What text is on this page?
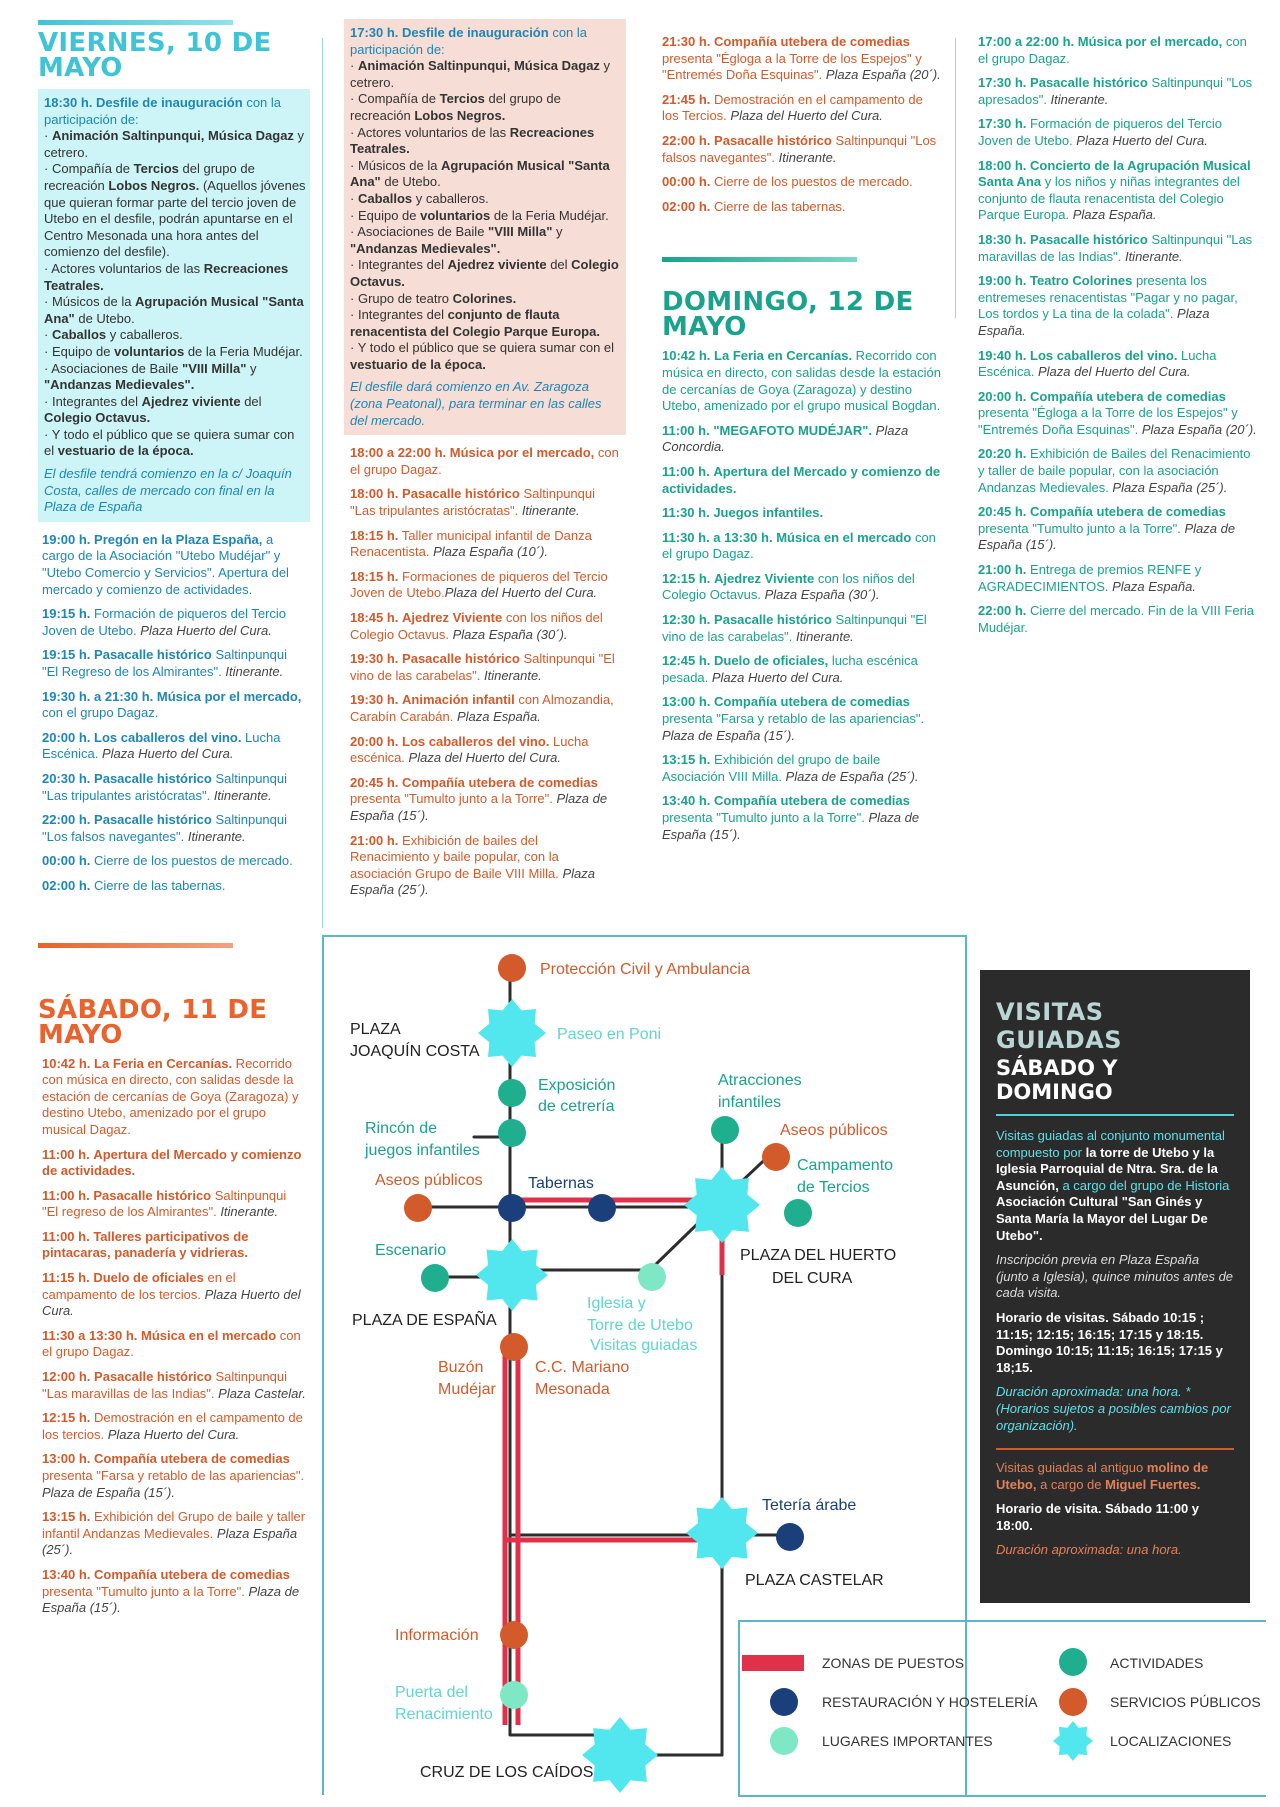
VIERNES, 10 DE
MAYO

18:30 h. Desfile de inauguración con la participación de:

· Animación Saltinpunqui, Música Dagaz y cetrero.

· Compañía de Tercios del grupo de recreación Lobos Negros. (Aquellos jóvenes que quieran formar parte del tercio joven de Utebo en el desfile, podrán apuntarse en el Centro Mesonada una hora antes del comienzo del desfile).

· Actores voluntarios de las Recreaciones Teatrales.

· Músicos de la Agrupación Musical "Santa Ana" de Utebo.

· Caballos y caballeros.

· Equipo de voluntarios de la Feria Mudéjar.

· Asociaciones de Baile "VIII Milla" y "Andanzas Medievales".

· Integrantes del Ajedrez viviente del Colegio Octavus.

· Y todo el público que se quiera sumar con el vestuario de la época.

El desfile tendrá comienzo en la c/ Joaquín Costa, calles de mercado con final en la Plaza de España

19:00 h. Pregón en la Plaza España, a cargo de la Asociación "Utebo Mudéjar" y "Utebo Comercio y Servicios". Apertura del mercado y comienzo de actividades.

19:15 h. Formación de piqueros del Tercio Joven de Utebo. Plaza Huerto del Cura.

19:15 h. Pasacalle histórico Saltinpunqui "El Regreso de los Almirantes". Itinerante.

19:30 h. a 21:30 h. Música por el mercado, con el grupo Dagaz.

20:00 h. Los caballeros del vino. Lucha Escénica. Plaza Huerto del Cura.

20:30 h. Pasacalle histórico Saltinpunqui "Las tripulantes aristócratas". Itinerante.

22:00 h. Pasacalle histórico Saltinpunqui "Los falsos navegantes". Itinerante.

00:00 h. Cierre de los puestos de mercado.

02:00 h. Cierre de las tabernas.

SÁBADO, 11 DE
MAYO

10:42 h. La Feria en Cercanías. Recorrido con música en directo, con salidas desde la estación de cercanías de Goya (Zaragoza) y destino Utebo, amenizado por el grupo musical Dagaz.

11:00 h. Apertura del Mercado y comienzo de actividades.

11:00 h. Pasacalle histórico Saltinpunqui "El regreso de los Almirantes". Itinerante.

11:00 h. Talleres participativos de pintacaras, panadería y vidrieras.

11:15 h. Duelo de oficiales en el campamento de los tercios. Plaza Huerto del Cura.

11:30 a 13:30 h. Música en el mercado con el grupo Dagaz.

12:00 h. Pasacalle histórico Saltinpunqui "Las maravillas de las Indias". Plaza Castelar.

12:15 h. Demostración en el campamento de los tercios. Plaza Huerto del Cura.

13:00 h. Compañía utebera de comedias presenta "Farsa y retablo de las apariencias". Plaza de España (15´).

13:15 h. Exhibición del Grupo de baile y taller infantil Andanzas Medievales. Plaza España (25´).

13:40 h. Compañía utebera de comedias presenta "Tumulto junto a la Torre". Plaza de España (15´).

17:30 h. Desfile de inauguración con la participación de:

· Animación Saltinpunqui, Música Dagaz y cetrero.

· Compañía de Tercios del grupo de recreación Lobos Negros.

· Actores voluntarios de las Recreaciones Teatrales.

· Músicos de la Agrupación Musical "Santa Ana" de Utebo.

· Caballos y caballeros.

· Equipo de voluntarios de la Feria Mudéjar.

· Asociaciones de Baile "VIII Milla" y "Andanzas Medievales".

· Integrantes del Ajedrez viviente del Colegio Octavus.

· Grupo de teatro Colorines.

· Integrantes del conjunto de flauta renacentista del Colegio Parque Europa.

· Y todo el público que se quiera sumar con el vestuario de la época.

El desfile dará comienzo en Av. Zaragoza (zona Peatonal), para terminar en las calles del mercado.

18:00 a 22:00 h. Música por el mercado, con el grupo Dagaz.

18:00 h. Pasacalle histórico Saltinpunqui "Las tripulantes aristócratas". Itinerante.

18:15 h. Taller municipal infantil de Danza Renacentista. Plaza España (10´).

18:15 h. Formaciones de piqueros del Tercio Joven de Utebo.Plaza del Huerto del Cura.

18:45 h. Ajedrez Viviente con los niños del Colegio Octavus. Plaza España (30´).

19:30 h. Pasacalle histórico Saltinpunqui "El vino de las carabelas". Itinerante.

19:30 h. Animación infantil con Almozandia, Carabín Carabán. Plaza España.

20:00 h. Los caballeros del vino. Lucha escénica. Plaza del Huerto del Cura.

20:45 h. Compañía utebera de comedias presenta "Tumulto junto a la Torre". Plaza de España (15´).

21:00 h. Exhibición de bailes del Renacimiento y baile popular, con la asociación Grupo de Baile VIII Milla. Plaza España (25´).

21:30 h. Compañía utebera de comedias presenta "Égloga a la Torre de los Espejos" y "Entremés Doña Esquinas". Plaza España (20´).

21:45 h. Demostración en el campamento de los Tercios. Plaza del Huerto del Cura.

22:00 h. Pasacalle histórico Saltinpunqui "Los falsos navegantes". Itinerante.

00:00 h. Cierre de los puestos de mercado.

02:00 h. Cierre de las tabernas.

DOMINGO, 12 DE
MAYO

10:42 h. La Feria en Cercanías. Recorrido con música en directo, con salidas desde la estación de cercanías de Goya (Zaragoza) y destino Utebo, amenizado por el grupo musical Bogdan.

11:00 h. "MEGAFOTO MUDÉJAR". Plaza Concordia.

11:00 h. Apertura del Mercado y comienzo de actividades.

11:30 h. Juegos infantiles.

11:30 h. a 13:30 h. Música en el mercado con el grupo Dagaz.

12:15 h. Ajedrez Viviente con los niños del Colegio Octavus. Plaza España (30´).

12:30 h. Pasacalle histórico Saltinpunqui "El vino de las carabelas". Itinerante.

12:45 h. Duelo de oficiales, lucha escénica pesada. Plaza Huerto del Cura.

13:00 h. Compañía utebera de comedias presenta "Farsa y retablo de las apariencias". Plaza de España (15´).

13:15 h. Exhibición del grupo de baile Asociación VIII Milla. Plaza de España (25´).

13:40 h. Compañía utebera de comedias presenta "Tumulto junto a la Torre". Plaza de España (15´).

17:00 a 22:00 h. Música por el mercado, con el grupo Dagaz.

17:30 h. Pasacalle histórico Saltinpunqui "Los apresados". Itinerante.

17:30 h. Formación de piqueros del Tercio Joven de Utebo. Plaza Huerto del Cura.

18:00 h. Concierto de la Agrupación Musical Santa Ana y los niños y niñas integrantes del conjunto de flauta renacentista del Colegio Parque Europa. Plaza España.

18:30 h. Pasacalle histórico Saltinpunqui "Las maravillas de las Indias". Itinerante.

19:00 h. Teatro Colorines presenta los entremeses renacentistas "Pagar y no pagar, Los tordos y La tina de la colada". Plaza España.

19:40 h. Los caballeros del vino. Lucha Escénica. Plaza del Huerto del Cura.

20:00 h. Compañía utebera de comedias presenta "Égloga a la Torre de los Espejos" y "Entremés Doña Esquinas". Plaza España (20´).

20:20 h. Exhibición de Bailes del Renacimiento y taller de baile popular, con la asociación Andanzas Medievales. Plaza España (25´).

20:45 h. Compañía utebera de comedias presenta "Tumulto junto a la Torre". Plaza de España (15´).

21:00 h. Entrega de premios RENFE y AGRADECIMIENTOS. Plaza España.

22:00 h. Cierre del mercado. Fin de la VIII Feria Mudéjar.

Protección Civil y Ambulancia
PLAZA
JOAQUÍN COSTA
Paseo en Poni
Exposición
de cetrería
Rincón de
juegos infantiles
Atracciones
infantiles
Aseos públicos
Campamento
de Tercios
Aseos públicos	Tabernas
Escenario	PLAZA DEL HUERTO
DEL CURA
PLAZA DE ESPAÑA
Iglesia y
Torre de Utebo
Visitas guiadas
Buzón
Mudéjar
C.C. Mariano
Mesonada
Tetería árabe
PLAZA CASTELAR
Información
Puerta del
Renacimiento
CRUZ DE LOS CAÍDOS
ZONAS DE PUESTOS
RESTAURACIÓN Y HOSTELERÍA
LUGARES IMPORTANTES
ACTIVIDADES
SERVICIOS PÚBLICOS
LOCALIZACIONES
VISITAS GUIADAS
SÁBADO Y DOMINGO

Visitas guiadas al conjunto monumental compuesto por la torre de Utebo y la Iglesia Parroquial de Ntra. Sra. de la Asunción, a cargo del grupo de Historia Asociación Cultural "San Ginés y Santa María la Mayor del Lugar De Utebo".

Inscripción previa en Plaza España (junto a Iglesia), quince minutos antes de cada visita.

Horario de visitas. Sábado 10:15 ; 11:15; 12:15; 16:15; 17:15 y 18:15. Domingo 10:15; 11:15; 16:15; 17:15 y 18;15.

Duración aproximada: una hora. *(Horarios sujetos a posibles cambios por organización).

Visitas guiadas al antiguo molino de Utebo, a cargo de Miguel Fuertes.

Horario de visita. Sábado 11:00 y 18:00.

Duración aproximada: una hora.
